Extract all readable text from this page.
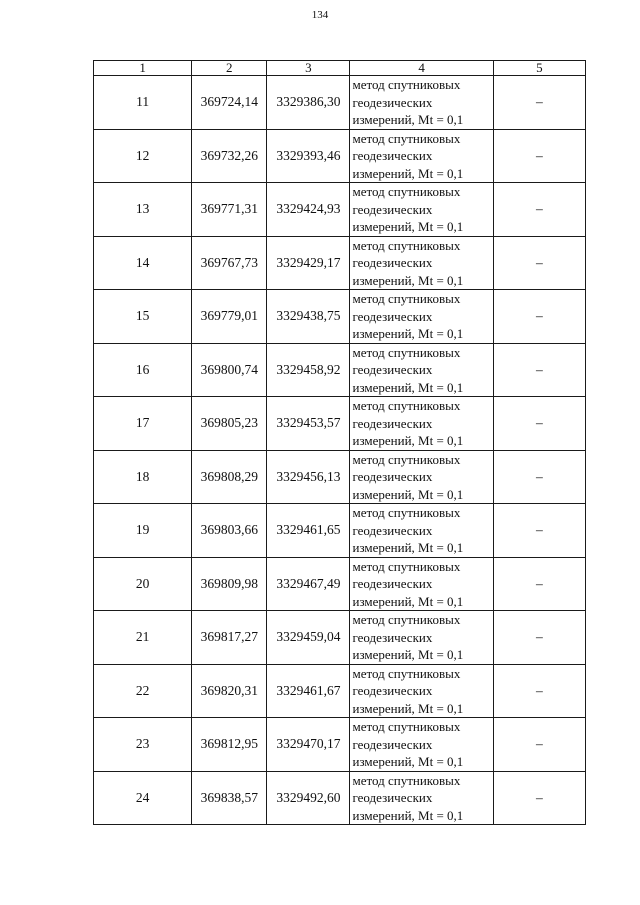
134
1	2	3	4	5
11	369724,14	3329386,30	метод спутниковых
геодезических
измерений, Mt = 0,1	–
12	369732,26	3329393,46	метод спутниковых
геодезических
измерений, Mt = 0,1	–
13	369771,31	3329424,93	метод спутниковых
геодезических
измерений, Mt = 0,1	–
14	369767,73	3329429,17	метод спутниковых
геодезических
измерений, Mt = 0,1	–
15	369779,01	3329438,75	метод спутниковых
геодезических
измерений, Mt = 0,1	–
16	369800,74	3329458,92	метод спутниковых
геодезических
измерений, Mt = 0,1	–
17	369805,23	3329453,57	метод спутниковых
геодезических
измерений, Mt = 0,1	–
18	369808,29	3329456,13	метод спутниковых
геодезических
измерений, Mt = 0,1	–
19	369803,66	3329461,65	метод спутниковых
геодезических
измерений, Mt = 0,1	–
20	369809,98	3329467,49	метод спутниковых
геодезических
измерений, Mt = 0,1	–
21	369817,27	3329459,04	метод спутниковых
геодезических
измерений, Mt = 0,1	–
22	369820,31	3329461,67	метод спутниковых
геодезических
измерений, Mt = 0,1	–
23	369812,95	3329470,17	метод спутниковых
геодезических
измерений, Mt = 0,1	–
24	369838,57	3329492,60	метод спутниковых
геодезических
измерений, Mt = 0,1	–
